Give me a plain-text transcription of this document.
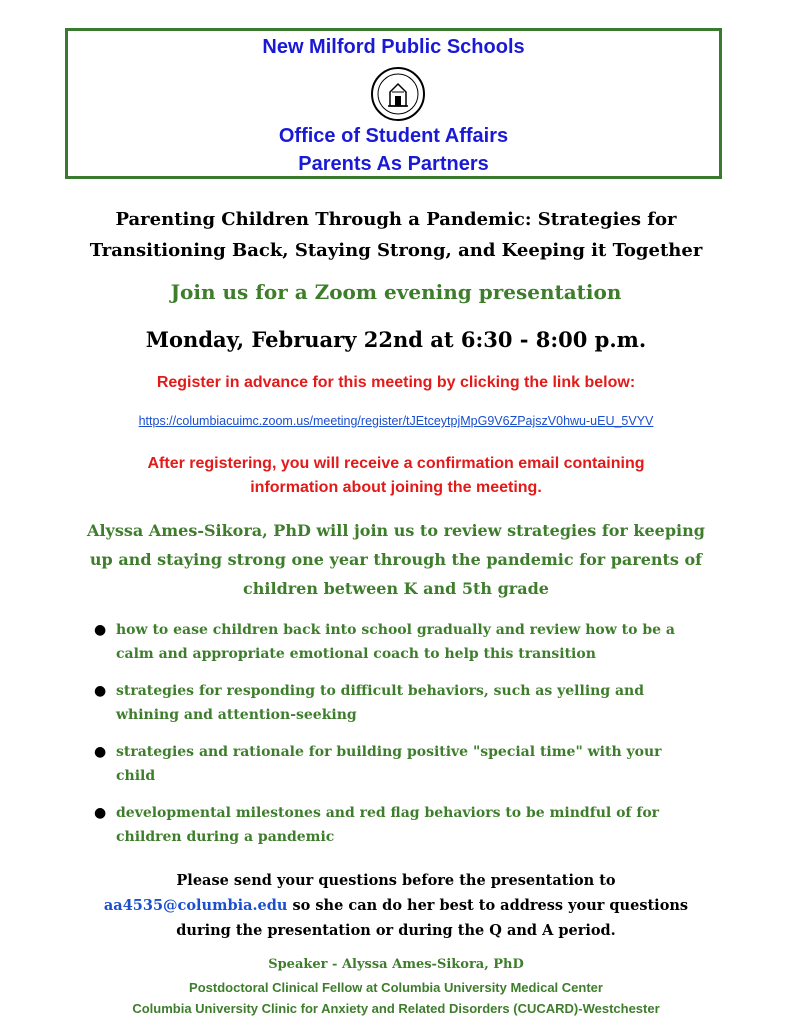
New Milford Public Schools
Office of Student Affairs
Parents As Partners
Parenting Children Through a Pandemic: Strategies for
Transitioning Back, Staying Strong, and Keeping it Together
Join us for a Zoom evening presentation
Monday, February 22nd at 6:30 - 8:00 p.m.
Register in advance for this meeting by clicking the link below:
https://columbiacuimc.zoom.us/meeting/register/tJEtceytpjMpG9V6ZPajszV0hwu-uEU_5VYV
After registering, you will receive a confirmation email containing
information about joining the meeting.
Alyssa Ames-Sikora, PhD will join us to review strategies for keeping
up and staying strong one year through the pandemic for parents of
children between K and 5th grade
● how to ease children back into school gradually and review how to be a
calm and appropriate emotional coach to help this transition
● strategies for responding to difficult behaviors, such as yelling and
whining and attention-seeking
● strategies and rationale for building positive "special time" with your
child
● developmental milestones and red flag behaviors to be mindful of for
children during a pandemic
Please send your questions before the presentation to
aa4535@columbia.edu so she can do her best to address your questions
during the presentation or during the Q and A period.
Speaker - Alyssa Ames-Sikora, PhD
Postdoctoral Clinical Fellow at Columbia University Medical Center
Columbia University Clinic for Anxiety and Related Disorders (CUCARD)-Westchester
